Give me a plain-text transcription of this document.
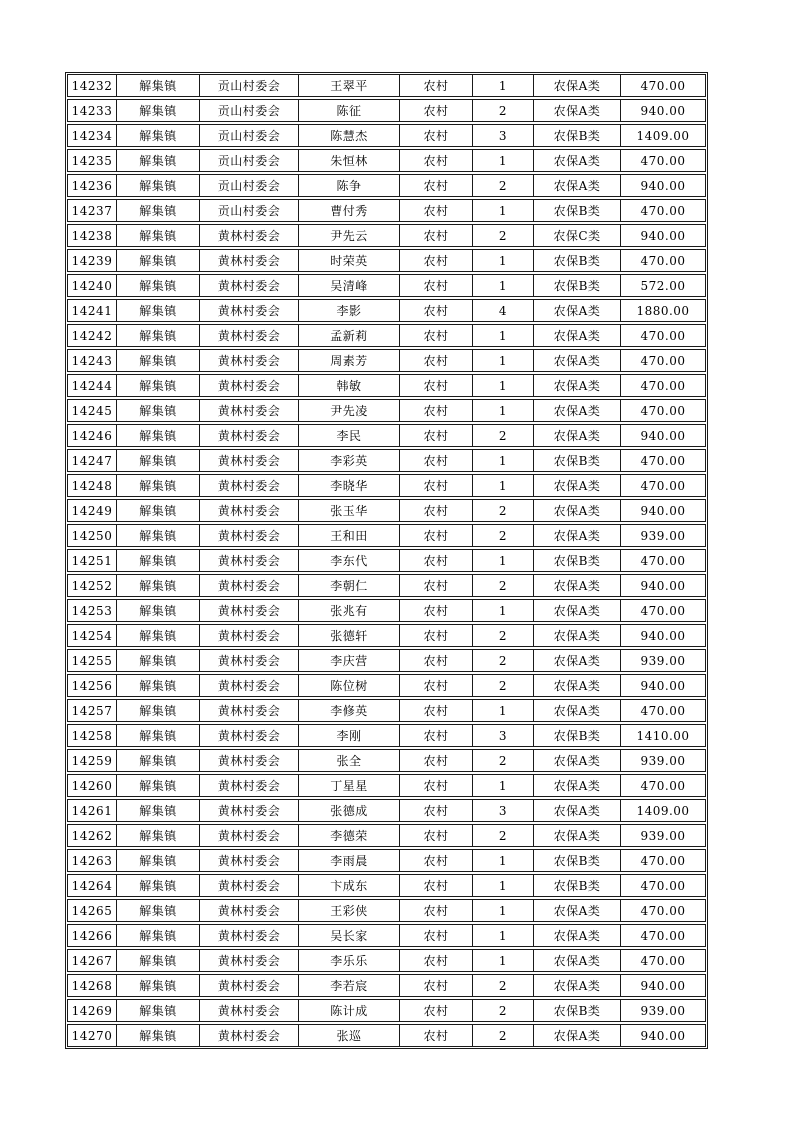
14232	解集镇	贡山村委会	王翠平	农村	1	农保A类	470.00
14233	解集镇	贡山村委会	陈征	农村	2	农保A类	940.00
14234	解集镇	贡山村委会	陈慧杰	农村	3	农保B类	1409.00
14235	解集镇	贡山村委会	朱恒林	农村	1	农保A类	470.00
14236	解集镇	贡山村委会	陈争	农村	2	农保A类	940.00
14237	解集镇	贡山村委会	曹付秀	农村	1	农保B类	470.00
14238	解集镇	黄林村委会	尹先云	农村	2	农保C类	940.00
14239	解集镇	黄林村委会	时荣英	农村	1	农保B类	470.00
14240	解集镇	黄林村委会	吴清峰	农村	1	农保B类	572.00
14241	解集镇	黄林村委会	李影	农村	4	农保A类	1880.00
14242	解集镇	黄林村委会	孟新莉	农村	1	农保A类	470.00
14243	解集镇	黄林村委会	周素芳	农村	1	农保A类	470.00
14244	解集镇	黄林村委会	韩敏	农村	1	农保A类	470.00
14245	解集镇	黄林村委会	尹先凌	农村	1	农保A类	470.00
14246	解集镇	黄林村委会	李民	农村	2	农保A类	940.00
14247	解集镇	黄林村委会	李彩英	农村	1	农保B类	470.00
14248	解集镇	黄林村委会	李晓华	农村	1	农保A类	470.00
14249	解集镇	黄林村委会	张玉华	农村	2	农保A类	940.00
14250	解集镇	黄林村委会	王和田	农村	2	农保A类	939.00
14251	解集镇	黄林村委会	李东代	农村	1	农保B类	470.00
14252	解集镇	黄林村委会	李朝仁	农村	2	农保A类	940.00
14253	解集镇	黄林村委会	张兆有	农村	1	农保A类	470.00
14254	解集镇	黄林村委会	张德轩	农村	2	农保A类	940.00
14255	解集镇	黄林村委会	李庆营	农村	2	农保A类	939.00
14256	解集镇	黄林村委会	陈位树	农村	2	农保A类	940.00
14257	解集镇	黄林村委会	李修英	农村	1	农保A类	470.00
14258	解集镇	黄林村委会	李刚	农村	3	农保B类	1410.00
14259	解集镇	黄林村委会	张全	农村	2	农保A类	939.00
14260	解集镇	黄林村委会	丁星星	农村	1	农保A类	470.00
14261	解集镇	黄林村委会	张德成	农村	3	农保A类	1409.00
14262	解集镇	黄林村委会	李德荣	农村	2	农保A类	939.00
14263	解集镇	黄林村委会	李雨晨	农村	1	农保B类	470.00
14264	解集镇	黄林村委会	卞成东	农村	1	农保B类	470.00
14265	解集镇	黄林村委会	王彩侠	农村	1	农保A类	470.00
14266	解集镇	黄林村委会	吴长家	农村	1	农保A类	470.00
14267	解集镇	黄林村委会	李乐乐	农村	1	农保A类	470.00
14268	解集镇	黄林村委会	李若宸	农村	2	农保A类	940.00
14269	解集镇	黄林村委会	陈计成	农村	2	农保B类	939.00
14270	解集镇	黄林村委会	张巡	农村	2	农保A类	940.00
